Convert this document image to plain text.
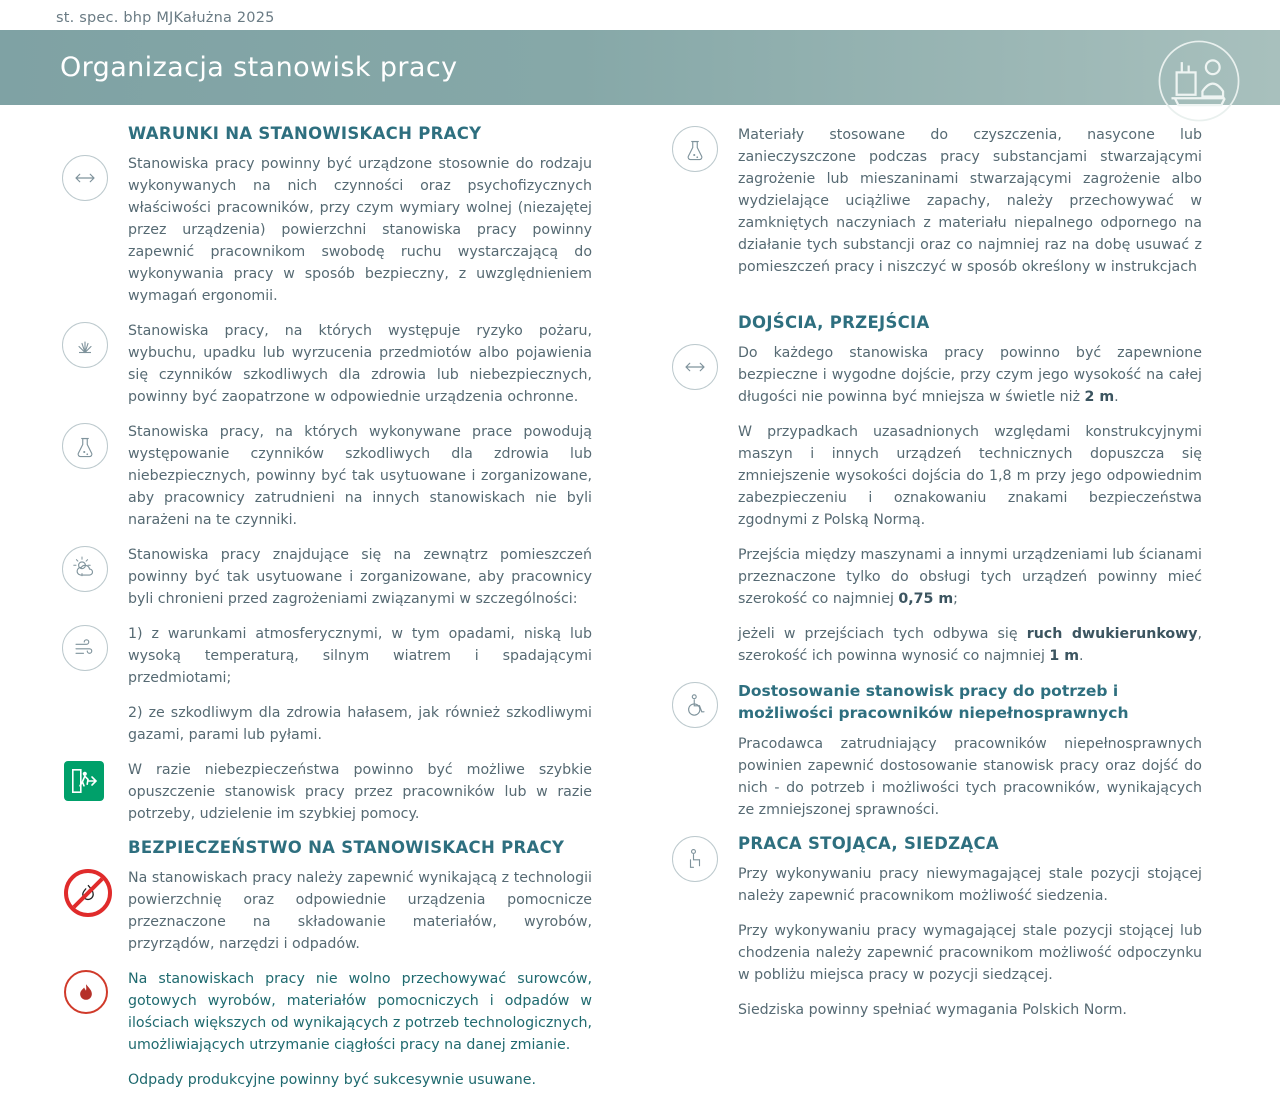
st. spec. bhp MJKałużna 2025
Organizacja stanowisk pracy
WARUNKI NA STANOWISKACH PRACY

Stanowiska pracy powinny być urządzone stosownie do rodzaju wykonywanych na nich czynności oraz psychofizycznych właściwości pracowników, przy czym wymiary wolnej (niezajętej przez urządzenia) powierzchni stanowiska pracy powinny zapewnić pracownikom swobodę ruchu wystarczającą do wykonywania pracy w sposób bezpieczny, z uwzględnieniem wymagań ergonomii.

Stanowiska pracy, na których występuje ryzyko pożaru, wybuchu, upadku lub wyrzucenia przedmiotów albo pojawienia się czynników szkodliwych dla zdrowia lub niebezpiecznych, powinny być zaopatrzone w odpowiednie urządzenia ochronne.

Stanowiska pracy, na których wykonywane prace powodują występowanie czynników szkodliwych dla zdrowia lub niebezpiecznych, powinny być tak usytuowane i zorganizowane, aby pracownicy zatrudnieni na innych stanowiskach nie byli narażeni na te czynniki.

Stanowiska pracy znajdujące się na zewnątrz pomieszczeń powinny być tak usytuowane i zorganizowane, aby pracownicy byli chronieni przed zagrożeniami związanymi w szczególności:

1) z warunkami atmosferycznymi, w tym opadami, niską lub wysoką temperaturą, silnym wiatrem i spadającymi przedmiotami;

2) ze szkodliwym dla zdrowia hałasem, jak również szkodliwymi gazami, parami lub pyłami.

W razie niebezpieczeństwa powinno być możliwe szybkie opuszczenie stanowisk pracy przez pracowników lub w razie potrzeby, udzielenie im szybkiej pomocy.

BEZPIECZEŃSTWO NA STANOWISKACH PRACY

Na stanowiskach pracy należy zapewnić wynikającą z technologii powierzchnię oraz odpowiednie urządzenia pomocnicze przeznaczone na składowanie materiałów, wyrobów, przyrządów, narzędzi i odpadów.

Na stanowiskach pracy nie wolno przechowywać surowców, gotowych wyrobów, materiałów pomocniczych i odpadów w ilościach większych od wynikających z potrzeb technologicznych, umożliwiających utrzymanie ciągłości pracy na danej zmianie.

Odpady produkcyjne powinny być sukcesywnie usuwane.

Materiały stosowane do czyszczenia, nasycone lub zanieczyszczone podczas pracy substancjami stwarzającymi zagrożenie lub mieszaninami stwarzającymi zagrożenie albo wydzielające uciążliwe zapachy, należy przechowywać w zamkniętych naczyniach z materiału niepalnego odpornego na działanie tych substancji oraz co najmniej raz na dobę usuwać z pomieszczeń pracy i niszczyć w sposób określony w instrukcjach

DOJŚCIA, PRZEJŚCIA

Do każdego stanowiska pracy powinno być zapewnione bezpieczne i wygodne dojście, przy czym jego wysokość na całej długości nie powinna być mniejsza w świetle niż 2 m.

W przypadkach uzasadnionych względami konstrukcyjnymi maszyn i innych urządzeń technicznych dopuszcza się zmniejszenie wysokości dojścia do 1,8 m przy jego odpowiednim zabezpieczeniu i oznakowaniu znakami bezpieczeństwa zgodnymi z Polską Normą.

Przejścia między maszynami a innymi urządzeniami lub ścianami przeznaczone tylko do obsługi tych urządzeń powinny mieć szerokość co najmniej 0,75 m;

jeżeli w przejściach tych odbywa się ruch dwukierunkowy, szerokość ich powinna wynosić co najmniej 1 m.

Dostosowanie stanowisk pracy do potrzeb i możliwości pracowników niepełnosprawnych

Pracodawca zatrudniający pracowników niepełnosprawnych powinien zapewnić dostosowanie stanowisk pracy oraz dojść do nich - do potrzeb i możliwości tych pracowników, wynikających ze zmniejszonej sprawności.

PRACA STOJĄCA, SIEDZĄCA

Przy wykonywaniu pracy niewymagającej stale pozycji stojącej należy zapewnić pracownikom możliwość siedzenia.

Przy wykonywaniu pracy wymagającej stale pozycji stojącej lub chodzenia należy zapewnić pracownikom możliwość odpoczynku w pobliżu miejsca pracy w pozycji siedzącej.

Siedziska powinny spełniać wymagania Polskich Norm.
